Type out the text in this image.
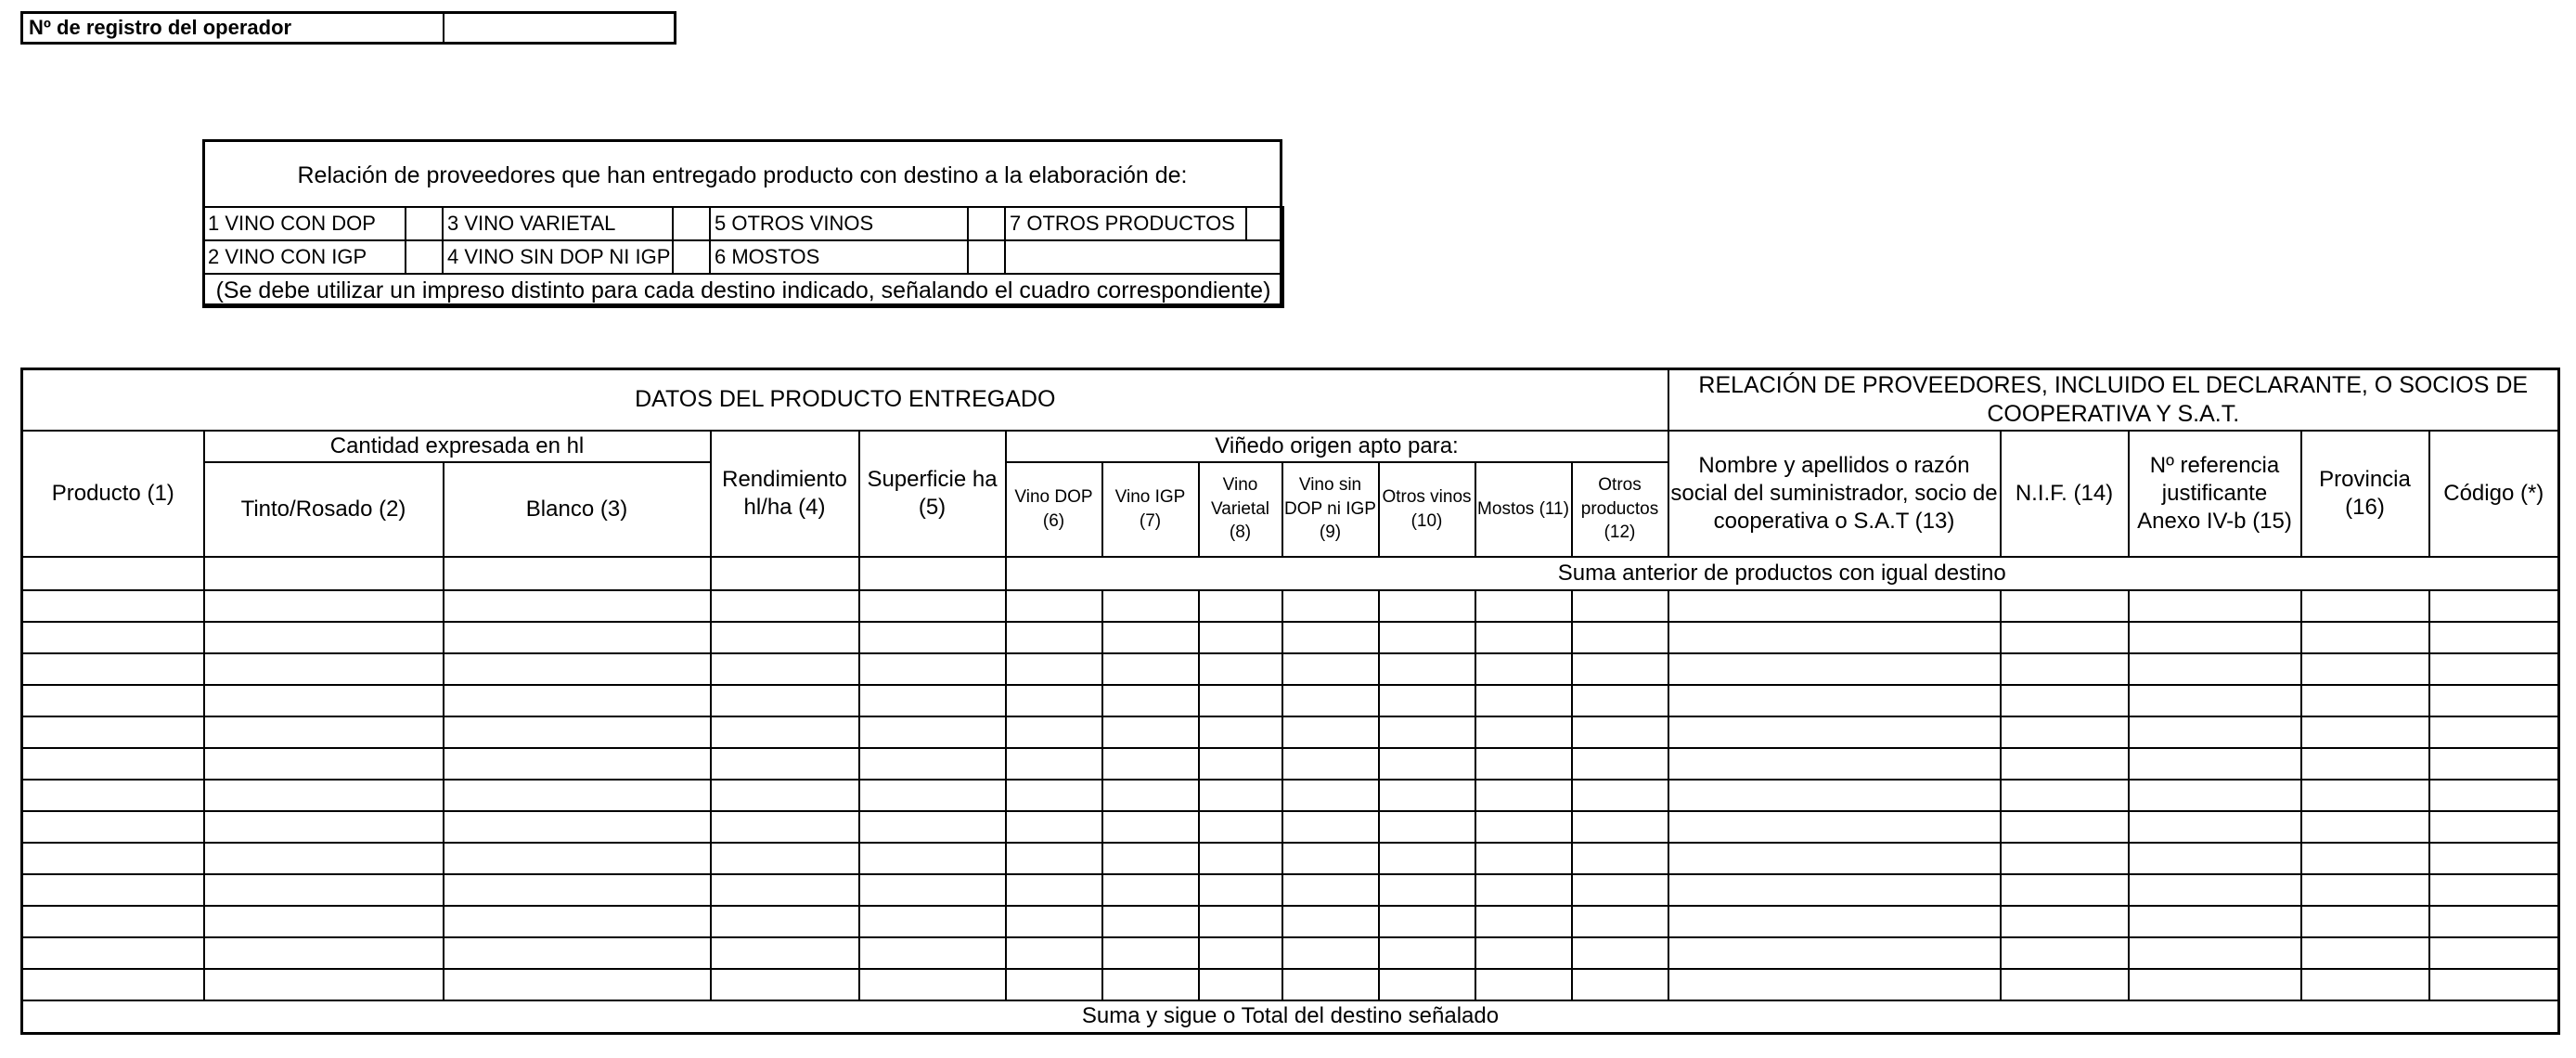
Nº de registro del operador	
Relación de proveedores que han entregado producto con destino a la elaboración de:
1 VINO CON DOP		3 VINO VARIETAL		5 OTROS VINOS		7 OTROS PRODUCTOS	
2 VINO CON IGP		4 VINO SIN DOP NI IGP		6 MOSTOS			
(Se debe utilizar un impreso distinto para cada destino indicado, señalando el cuadro correspondiente)							
DATOS DEL PRODUCTO ENTREGADO												RELACIÓN DE PROVEEDORES, INCLUIDO EL DECLARANTE, O SOCIOS DE COOPERATIVA Y S.A.T.				
Producto (1)	Cantidad expresada en hl		Rendimiento hl/ha (4)	Superficie ha (5)	Viñedo origen apto para:							Nombre y apellidos o razón social del suministrador, socio de cooperativa o S.A.T (13)	N.I.F. (14)	Nº referencia justificante Anexo IV-b (15)	Provincia (16)	Código (*)
	Tinto/Rosado (2)	Blanco (3)			Vino DOP (6)	Vino IGP (7)	Vino Varietal (8)	Vino sin DOP ni IGP (9)	Otros vinos (10)	Mostos (11)	Otros productos (12)					
					Suma anterior de productos con igual destino											

Suma y sigue o Total del destino señalado																
